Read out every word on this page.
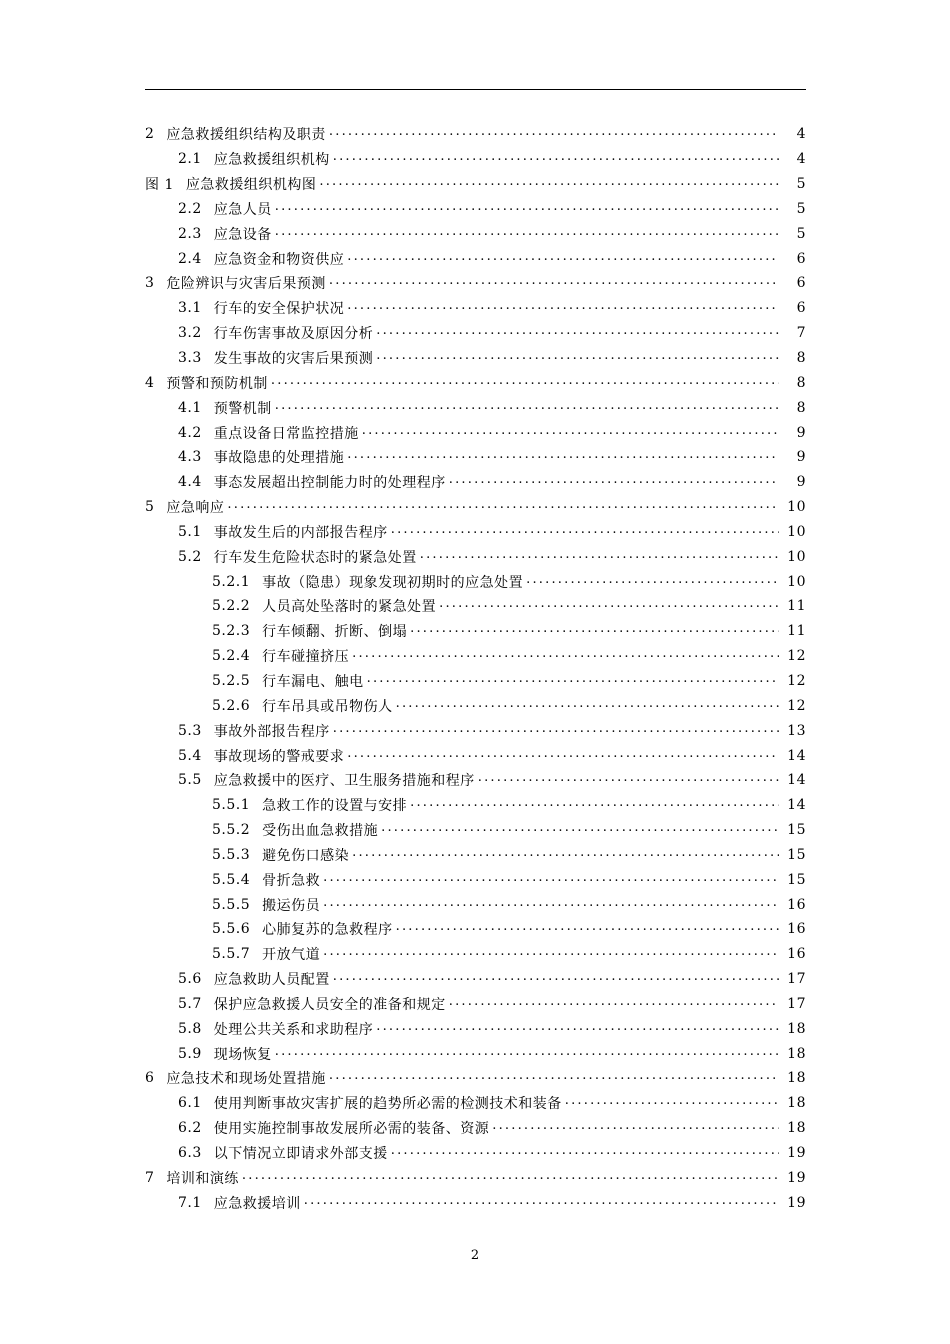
2 应急救援组织结构及职责 .....	4
2.1 应急救援组织机构 .....	4
图 1 应急救援组织机构图 .....	5
2.2 应急人员 .....	5
2.3 应急设备 .....	5
2.4 应急资金和物资供应 .....	6
3 危险辨识与灾害后果预测 .....	6
3.1 行车的安全保护状况 .....	6
3.2 行车伤害事故及原因分析 .....	7
3.3 发生事故的灾害后果预测 .....	8
4 预警和预防机制 .....	8
4.1 预警机制 .....	8
4.2 重点设备日常监控措施 .....	9
4.3 事故隐患的处理措施 .....	9
4.4 事态发展超出控制能力时的处理程序 .....	9
5 应急响应 .....	10
5.1 事故发生后的内部报告程序 .....	10
5.2 行车发生危险状态时的紧急处置 .....	10
5.2.1 事故（隐患）现象发现初期时的应急处置 .....	10
5.2.2 人员高处坠落时的紧急处置 .....	11
5.2.3 行车倾翻、折断、倒塌 .....	11
5.2.4 行车碰撞挤压 .....	12
5.2.5 行车漏电、触电 .....	12
5.2.6 行车吊具或吊物伤人 .....	12
5.3 事故外部报告程序 .....	13
5.4 事故现场的警戒要求 .....	14
5.5 应急救援中的医疗、卫生服务措施和程序 .....	14
5.5.1 急救工作的设置与安排 .....	14
5.5.2 受伤出血急救措施 .....	15
5.5.3 避免伤口感染 .....	15
5.5.4 骨折急救 .....	15
5.5.5 搬运伤员 .....	16
5.5.6 心肺复苏的急救程序 .....	16
5.5.7 开放气道 .....	16
5.6 应急救助人员配置 .....	17
5.7 保护应急救援人员安全的准备和规定 .....	17
5.8 处理公共关系和求助程序 .....	18
5.9 现场恢复 .....	18
6 应急技术和现场处置措施 .....	18
6.1 使用判断事故灾害扩展的趋势所必需的检测技术和装备 .....	18
6.2 使用实施控制事故发展所必需的装备、资源 .....	18
6.3 以下情况立即请求外部支援 .....	19
7 培训和演练 .....	19
7.1 应急救援培训 .....	19
2
